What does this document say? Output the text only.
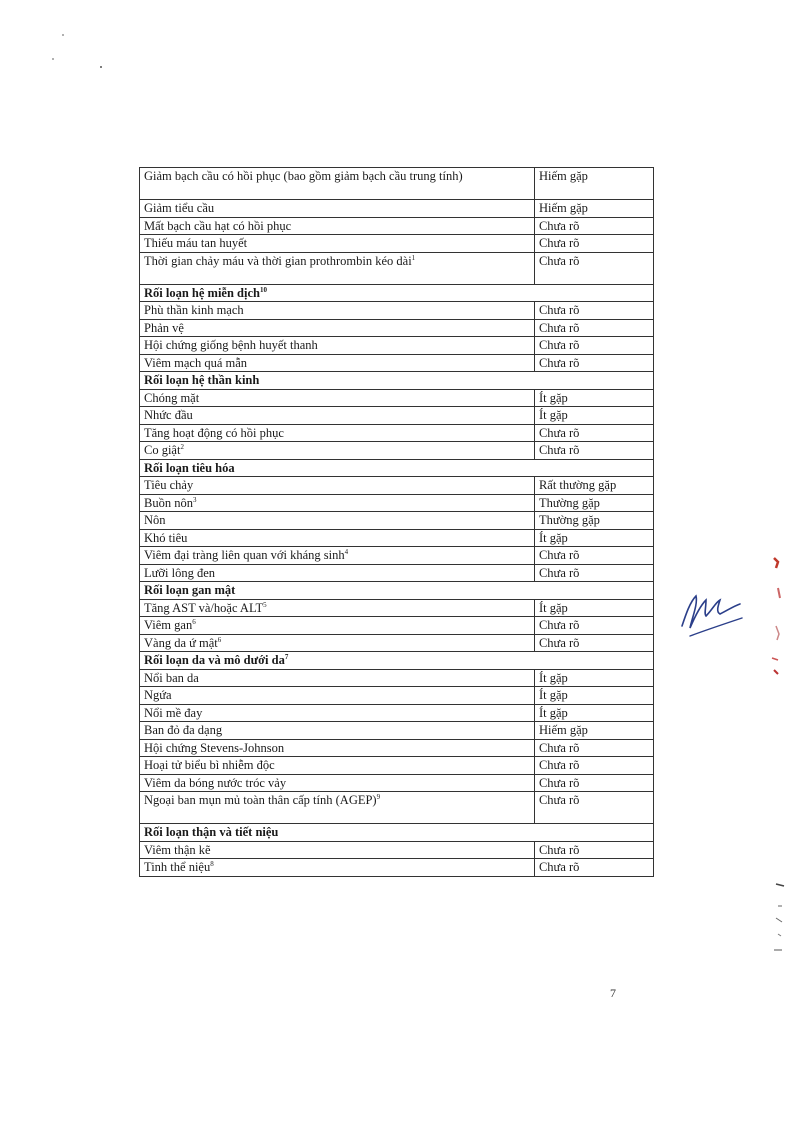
Giảm bạch cầu có hồi phục (bao gồm giảm bạch cầu trung tính)	Hiếm gặp
Giảm tiểu cầu	Hiếm gặp
Mất bạch cầu hạt có hồi phục	Chưa rõ
Thiếu máu tan huyết	Chưa rõ
Thời gian chảy máu và thời gian prothrombin kéo dài$^1$	Chưa rõ
Rối loạn hệ miễn dịch$^{10}$
Phù thần kinh mạch	Chưa rõ
Phản vệ	Chưa rõ
Hội chứng giống bệnh huyết thanh	Chưa rõ
Viêm mạch quá mẫn	Chưa rõ
Rối loạn hệ thần kinh	
Chóng mặt	Ít gặp
Nhức đầu	Ít gặp
Tăng hoạt động có hồi phục	Chưa rõ
Co giật$^2$	Chưa rõ
Rối loạn tiêu hóa	
Tiêu chảy	Rất thường gặp
Buồn nôn$^3$	Thường gặp
Nôn	Thường gặp
Khó tiêu	Ít gặp
Viêm đại tràng liên quan với kháng $\sinh^4$	Chưa rõ
Lưỡi lông đen	Chưa rõ
Rối loạn gan mật	
Tăng AST và/hoặc ALT$^5$	Ít gặp
Viêm gan$^6$	Chưa rõ
Vàng da ứ mật$^6$	Chưa rõ
Rối loạn da và mô dưới $da^7$
Nổi ban da	Ít gặp
Ngứa	Ít gặp
Nổi mề đay	Ít gặp
Ban đỏ đa dạng	Hiếm gặp
Hội chứng Stevens-Johnson	Chưa rõ
Hoại tử biểu bì nhiễm độc	Chưa rõ
Viêm da bóng nước tróc vảy	Chưa rõ
Ngoại ban mụn mủ toàn thân cấp tính (AGEP)$^9$	Chưa rõ
Rối loạn thận và tiết niệu	
Viêm thận kẽ	Chưa rõ
Tinh thể niệu$^8$	Chưa rõ
7
